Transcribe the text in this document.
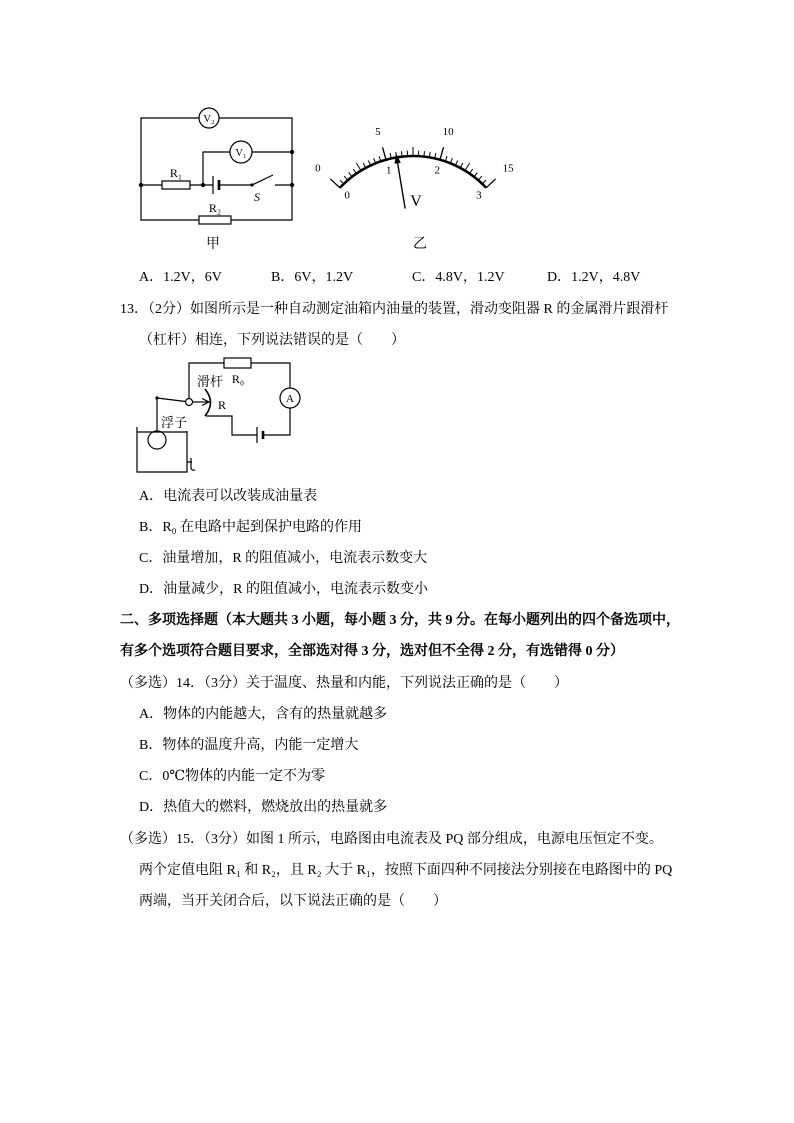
V₂
V₁
R₁
R₂
S
0
5	10
15
0
1	2
3
V
甲	乙
A．1.2V，6V	B．6V，1.2V	C．4.8V，1.2V	D．1.2V，4.8V
13．（2分）如图所示是一种自动测定油箱内油量的装置，滑动变阻器 R 的金属滑片跟滑杆
（杠杆）相连，下列说法错误的是（　　）
R₀
A
R
滑杆
浮子
A．电流表可以改装成油量表
B．R₀ 在电路中起到保护电路的作用
C．油量增加，R 的阻值减小，电流表示数变大
D．油量减少，R 的阻值减小，电流表示数变小
二、多项选择题（本大题共 3 小题，每小题 3 分，共 9 分。在每小题列出的四个备选项中，
有多个选项符合题目要求，全部选对得 3 分，选对但不全得 2 分，有选错得 0 分）
（多选）14．（3分）关于温度、热量和内能，下列说法正确的是（　　）
A．物体的内能越大，含有的热量就越多
B．物体的温度升高，内能一定增大
C．0℃物体的内能一定不为零
D．热值大的燃料，燃烧放出的热量就多
（多选）15．（3分）如图 1 所示，电路图由电流表及 PQ 部分组成，电源电压恒定不变。
两个定值电阻 R₁ 和 R₂，且 R₂ 大于 R₁，按照下面四种不同接法分别接在电路图中的 PQ
两端，当开关闭合后，以下说法正确的是（　　）
